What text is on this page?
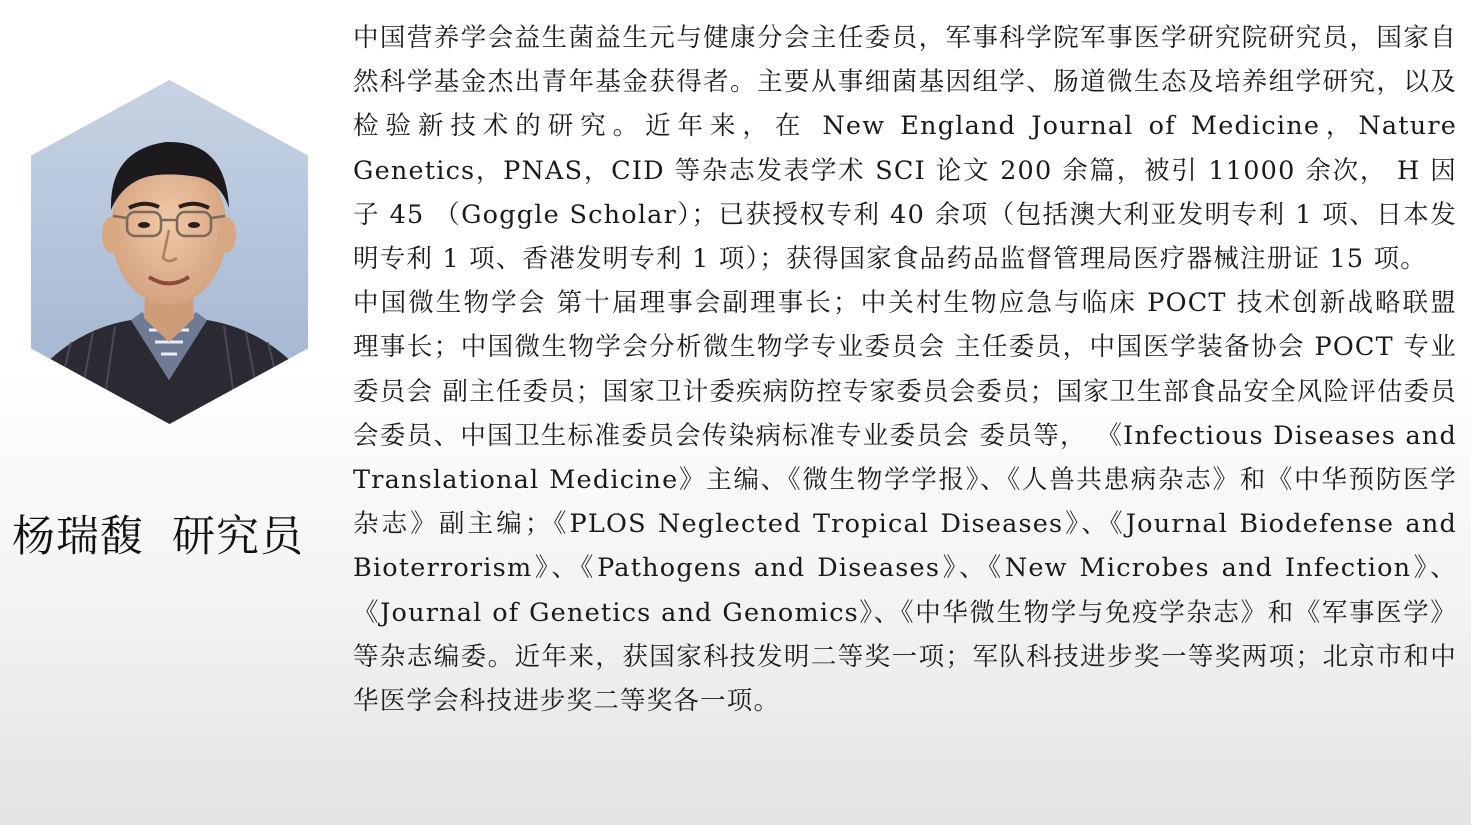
杨瑞馥 研究员

中国营养学会益生菌益生元与健康分会主任委员，军事科学院军事医学研究院研究员，国家自然科学基金杰出青年基金获得者。主要从事细菌基因组学、肠道微生态及培养组学研究，以及检验新技术的研究。近年来，在 New England Journal of Medicine，Nature Genetics，PNAS，CID 等杂志发表学术 SCI 论文 200 余篇，被引 11000 余次， H 因子 45 （Goggle Scholar）；已获授权专利 40 余项（包括澳大利亚发明专利 1 项、日本发明专利 1 项、香港发明专利 1 项）；获得国家食品药品监督管理局医疗器械注册证 15 项。

中国微生物学会 第十届理事会副理事长；中关村生物应急与临床 POCT 技术创新战略联盟 理事长；中国微生物学会分析微生物学专业委员会 主任委员，中国医学装备协会 POCT 专业委员会 副主任委员；国家卫计委疾病防控专家委员会委员；国家卫生部食品安全风险评估委员会委员、中国卫生标准委员会传染病标准专业委员会 委员等， 《Infectious Diseases and Translational Medicine》主编、《微生物学学报》、《人兽共患病杂志》和《中华预防医学杂志》副主编；《PLOS Neglected Tropical Diseases》、《Journal Biodefense and Bioterrorism》、《Pathogens and Diseases》、《New Microbes and Infection》、《Journal of Genetics and Genomics》、《中华微生物学与免疫学杂志》和《军事医学》等杂志编委。近年来，获国家科技发明二等奖一项；军队科技进步奖一等奖两项；北京市和中华医学会科技进步奖二等奖各一项。
